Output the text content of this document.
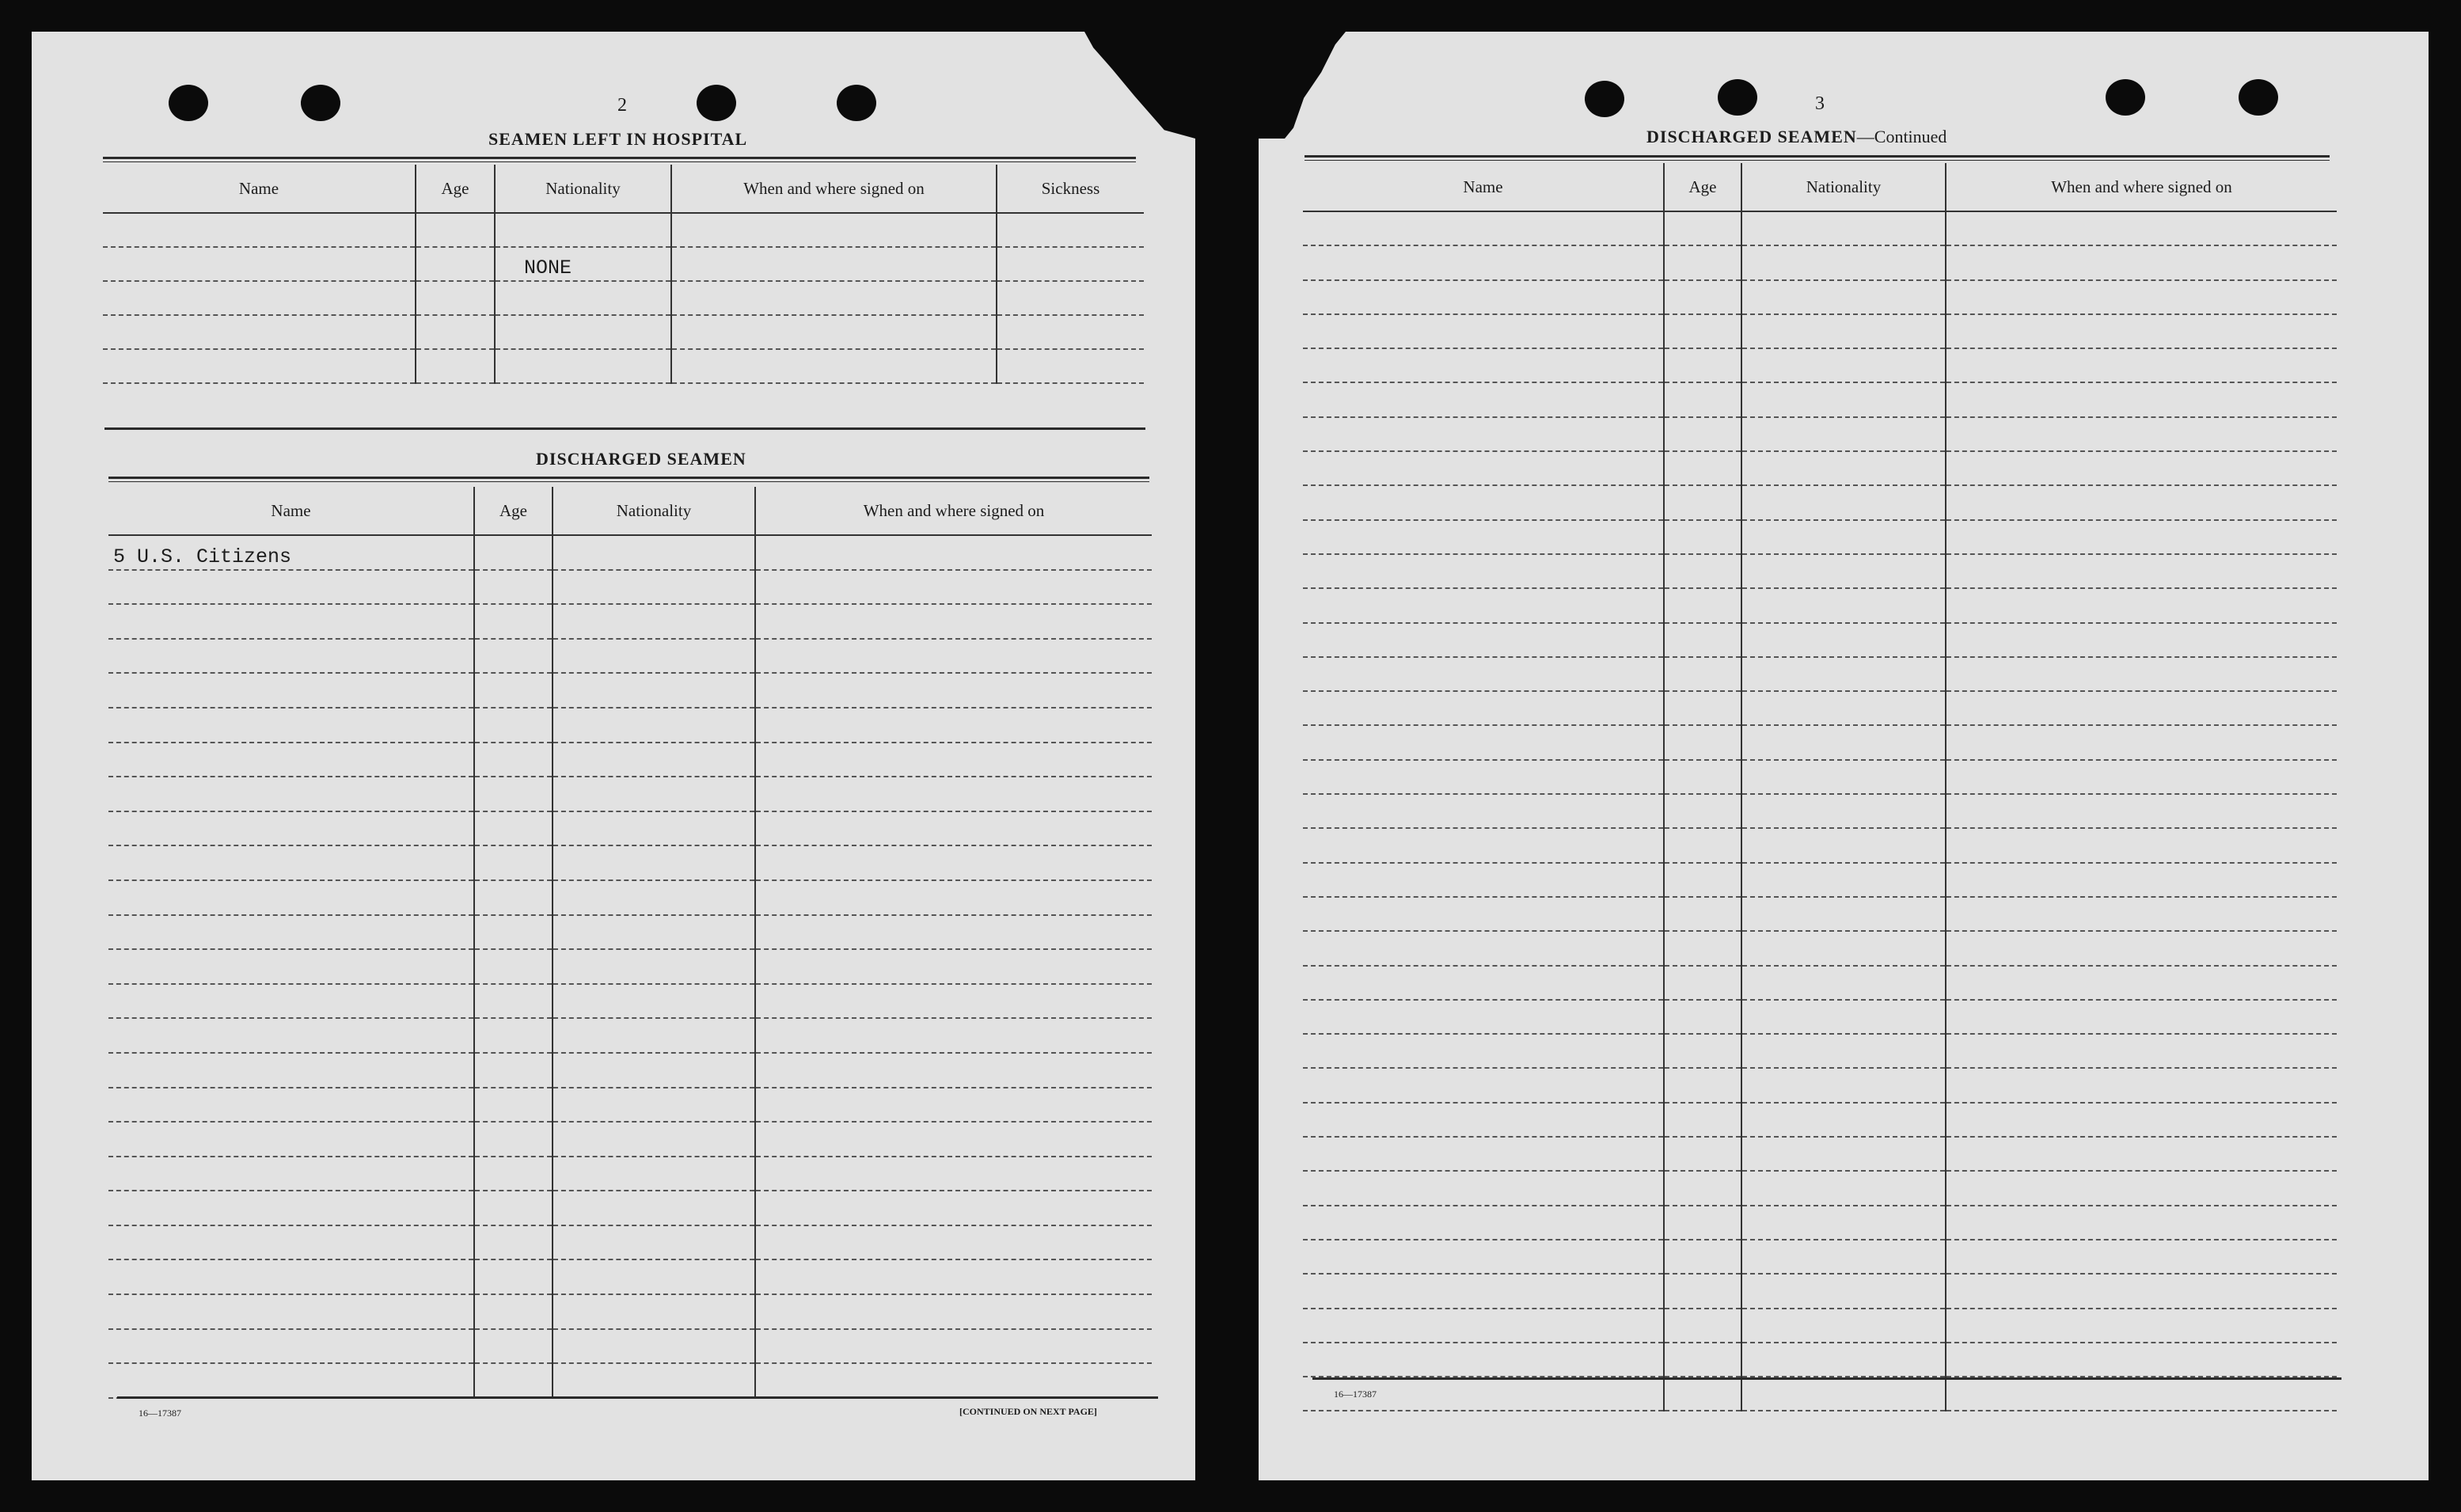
2
SEAMEN LEFT IN HOSPITAL
Name	Age	Nationality	When and where signed on	Sickness

		NONE		

DISCHARGED SEAMEN
Name	Age	Nationality	When and where signed on
5 U.S. Citizens			

16—17387	[CONTINUED ON NEXT PAGE]
3
DISCHARGED SEAMEN—Continued
Name	Age	Nationality	When and where signed on

16—17387
